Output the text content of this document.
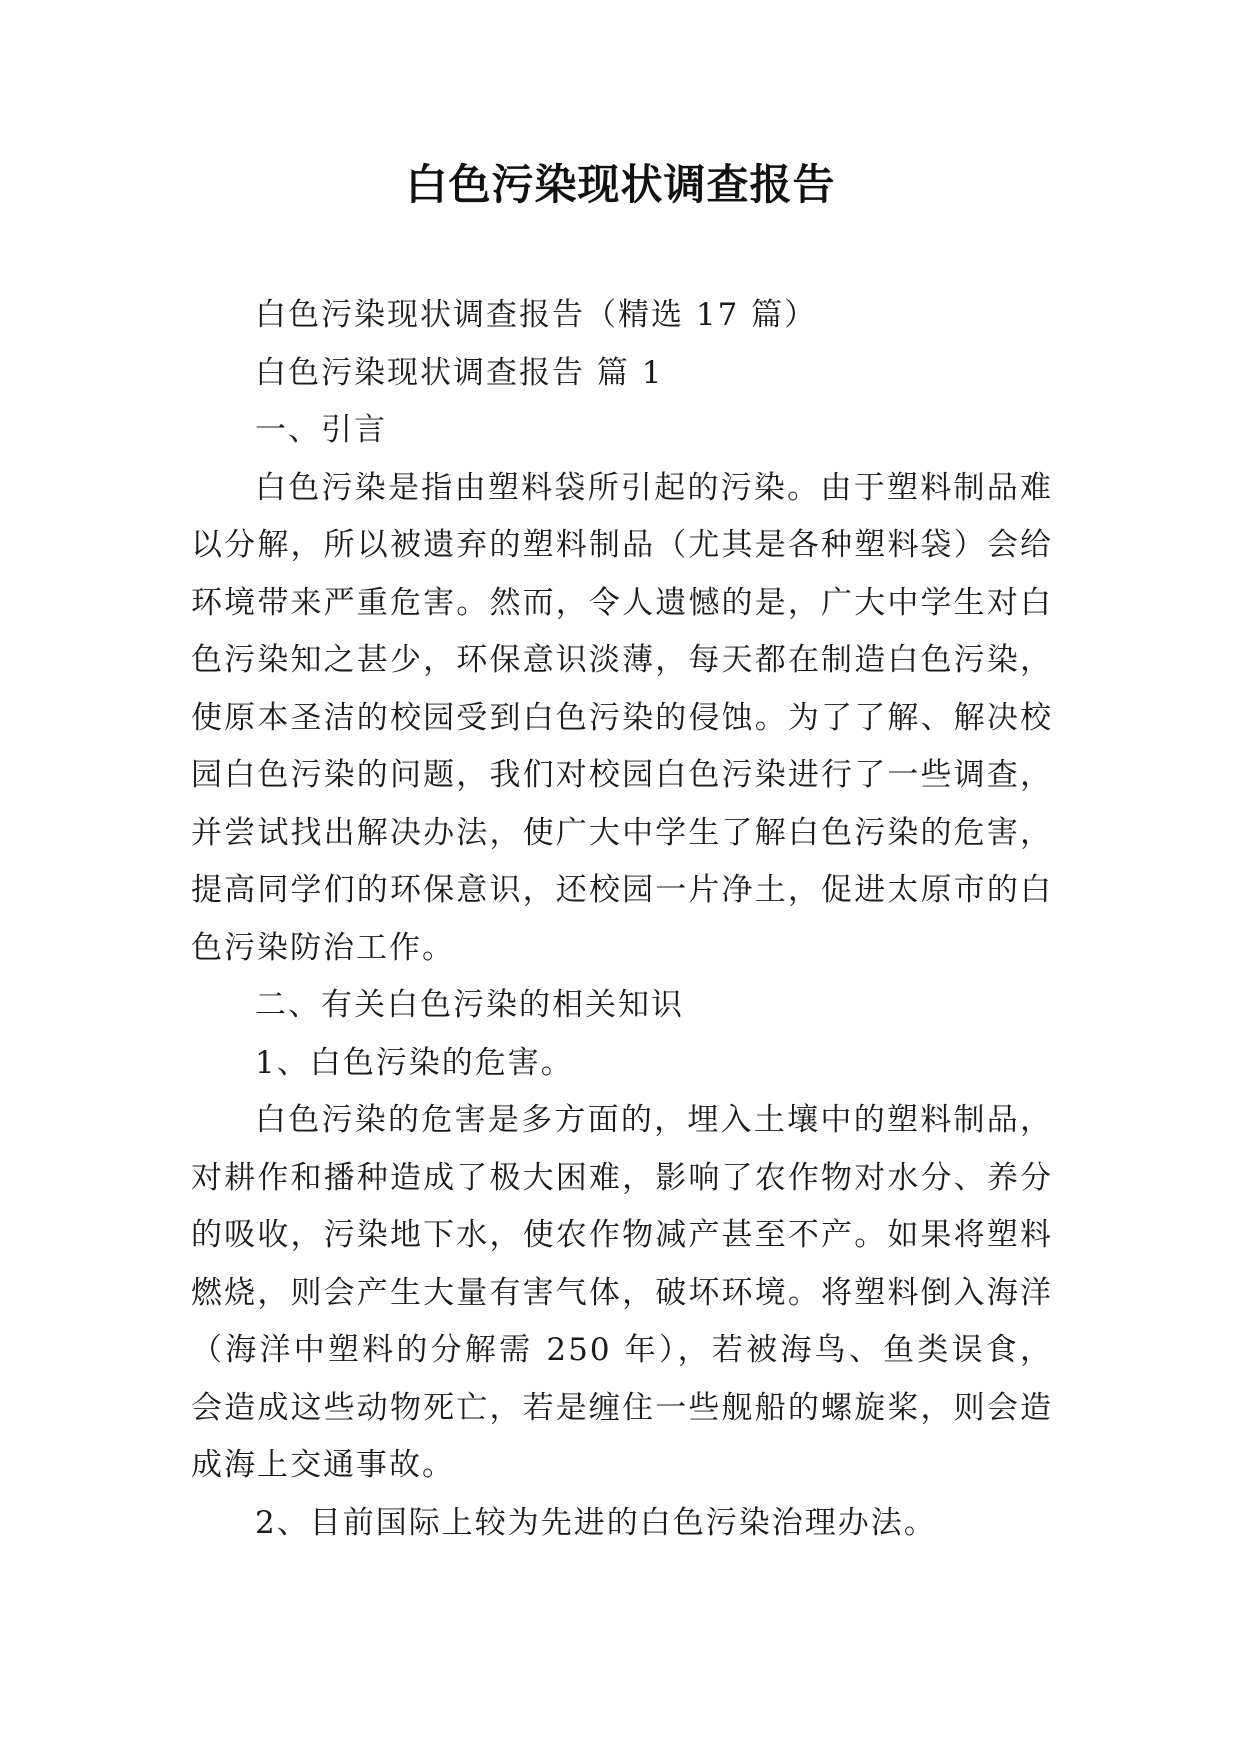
白色污染现状调查报告

白色污染现状调查报告（精选 17 篇）

白色污染现状调查报告 篇 1

一、引言

白色污染是指由塑料袋所引起的污染。由于塑料制品难以分解，所以被遗弃的塑料制品（尤其是各种塑料袋）会给环境带来严重危害。然而，令人遗憾的是，广大中学生对白色污染知之甚少，环保意识淡薄，每天都在制造白色污染，使原本圣洁的校园受到白色污染的侵蚀。为了了解、解决校园白色污染的问题，我们对校园白色污染进行了一些调查，并尝试找出解决办法，使广大中学生了解白色污染的危害，提高同学们的环保意识，还校园一片净土，促进太原市的白色污染防治工作。

二、有关白色污染的相关知识

1、白色污染的危害。

白色污染的危害是多方面的，埋入土壤中的塑料制品，对耕作和播种造成了极大困难，影响了农作物对水分、养分的吸收，污染地下水，使农作物减产甚至不产。如果将塑料燃烧，则会产生大量有害气体，破坏环境。将塑料倒入海洋（海洋中塑料的分解需 250 年），若被海鸟、鱼类误食，会造成这些动物死亡，若是缠住一些舰船的螺旋桨，则会造成海上交通事故。

2、目前国际上较为先进的白色污染治理办法。
